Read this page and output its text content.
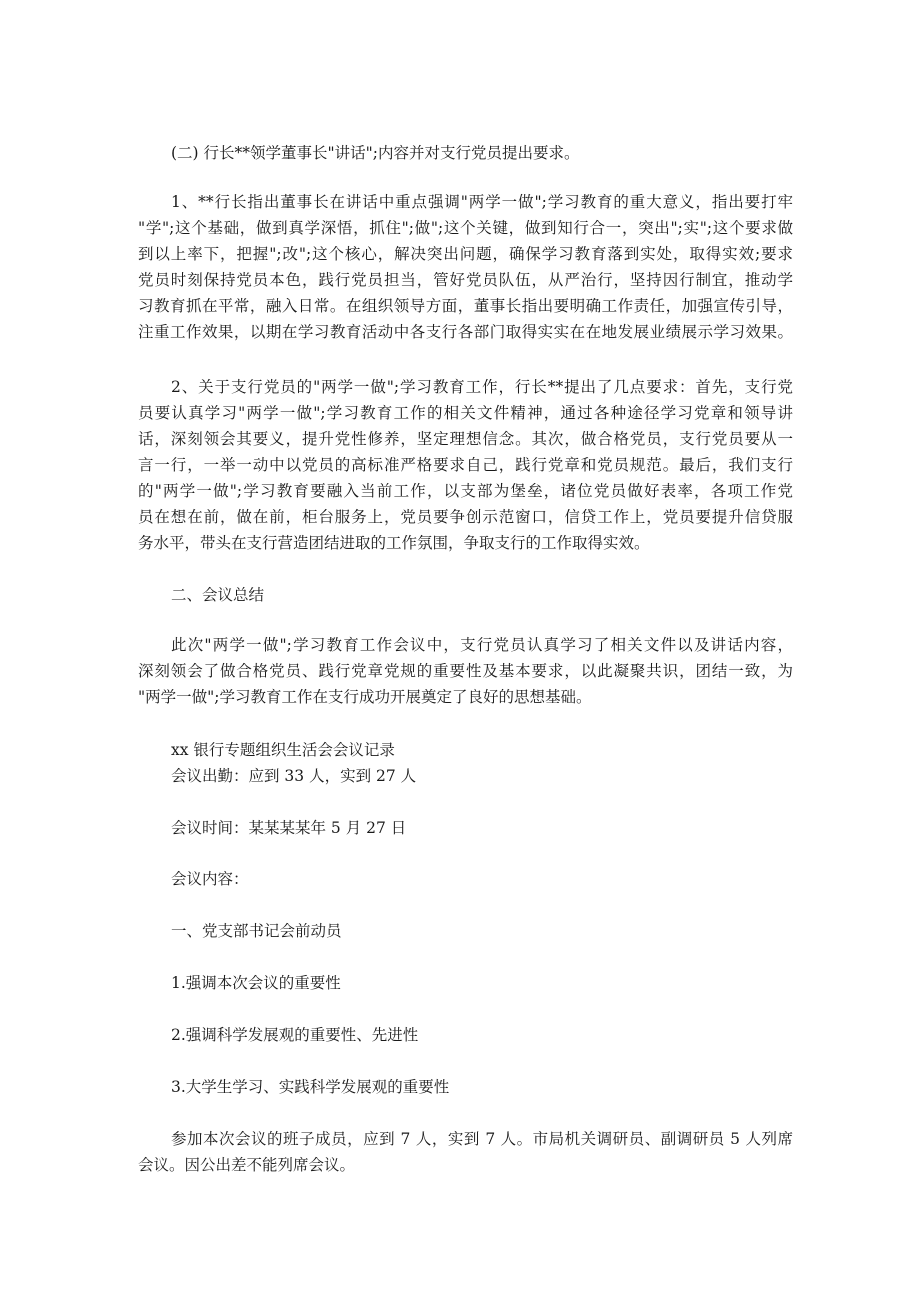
(二) 行长**领学董事长"讲话";内容并对支行党员提出要求。

1、**行长指出董事长在讲话中重点强调"两学一做";学习教育的重大意义，指出要打牢
"学";这个基础，做到真学深悟，抓住";做";这个关键，做到知行合一，突出";实";这个要求做
到以上率下，把握";改";这个核心，解决突出问题，确保学习教育落到实处，取得实效;要求
党员时刻保持党员本色，践行党员担当，管好党员队伍，从严治行，坚持因行制宜，推动学
习教育抓在平常，融入日常。在组织领导方面，董事长指出要明确工作责任，加强宣传引导，
注重工作效果，以期在学习教育活动中各支行各部门取得实实在在地发展业绩展示学习效果。
2、关于支行党员的"两学一做";学习教育工作，行长**提出了几点要求：首先，支行党
员要认真学习"两学一做";学习教育工作的相关文件精神，通过各种途径学习党章和领导讲
话，深刻领会其要义，提升党性修养，坚定理想信念。其次，做合格党员，支行党员要从一
言一行，一举一动中以党员的高标准严格要求自己，践行党章和党员规范。最后，我们支行
的"两学一做";学习教育要融入当前工作，以支部为堡垒，诸位党员做好表率，各项工作党
员在想在前，做在前，柜台服务上，党员要争创示范窗口，信贷工作上，党员要提升信贷服
务水平，带头在支行营造团结进取的工作氛围，争取支行的工作取得实效。

二、会议总结

此次"两学一做";学习教育工作会议中，支行党员认真学习了相关文件以及讲话内容，
深刻领会了做合格党员、践行党章党规的重要性及基本要求，以此凝聚共识，团结一致，为
"两学一做";学习教育工作在支行成功开展奠定了良好的思想基础。
xx 银行专题组织生活会会议记录
会议出勤：应到 33 人，实到 27 人

会议时间：某某某某年 5 月 27 日

会议内容：

一、党支部书记会前动员

1.强调本次会议的重要性

2.强调科学发展观的重要性、先进性

3.大学生学习、实践科学发展观的重要性

参加本次会议的班子成员，应到 7 人，实到 7 人。市局机关调研员、副调研员 5 人列席
会议。因公出差不能列席会议。
